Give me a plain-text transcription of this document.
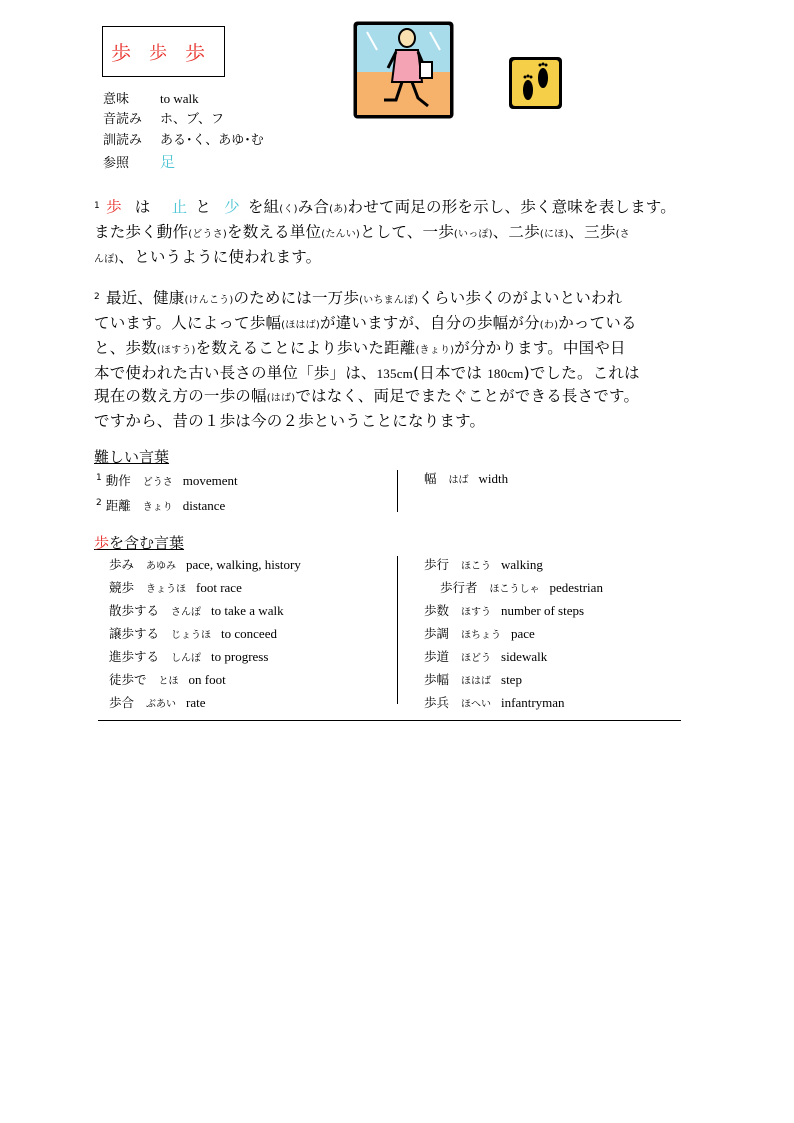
歩 歩 歩
意味 to walk
音読み ホ、ブ、フ
訓読み ある･く、あゆ･む
参照 足
$^1$ 歩 は 止 と 少 を組(く)み合(あ)わせて両足の形を示し、歩く意味を表します。
また歩く動作(どうさ)を数える単位(たんい)として、一歩(いっぽ)、二歩(にほ)、三歩(さ
んぽ)、というように使われます。
$^2$ 最近、健康(けんこう)のためには一万歩(いちまんぽ)くらい歩くのがよいといわれ
ています。人によって歩幅(ほはば)が違いますが、自分の歩幅が分(わ)かっている
と、歩数(ほすう)を数えることにより歩いた距離(きょり)が分かります。中国や日
本で使われた古い長さの単位「歩」は、135cm(日本では 180cm)でした。これは
現在の数え方の一歩の幅(はば)ではなく、両足でまたぐことができる長さです。
ですから、昔の１歩は今の２歩ということになります。
難しい言葉
$^1$ 動作 どうさ movement
$^2$ 距離 きょり distance
幅 はば width
歩を含む言葉
歩み あゆみ pace, walking, history
競歩 きょうほ foot race
散歩する さんぽ to take a walk
譲歩する じょうほ to conceed
進歩する しんぽ to progress
徒歩で とほ on foot
歩合 ぶあい rate
歩行 ほこう walking
歩行者 ほこうしゃ pedestrian
歩数 ほすう number of steps
歩調 ほちょう pace
歩道 ほどう sidewalk
歩幅 ほはば step
歩兵 ほへい infantryman
